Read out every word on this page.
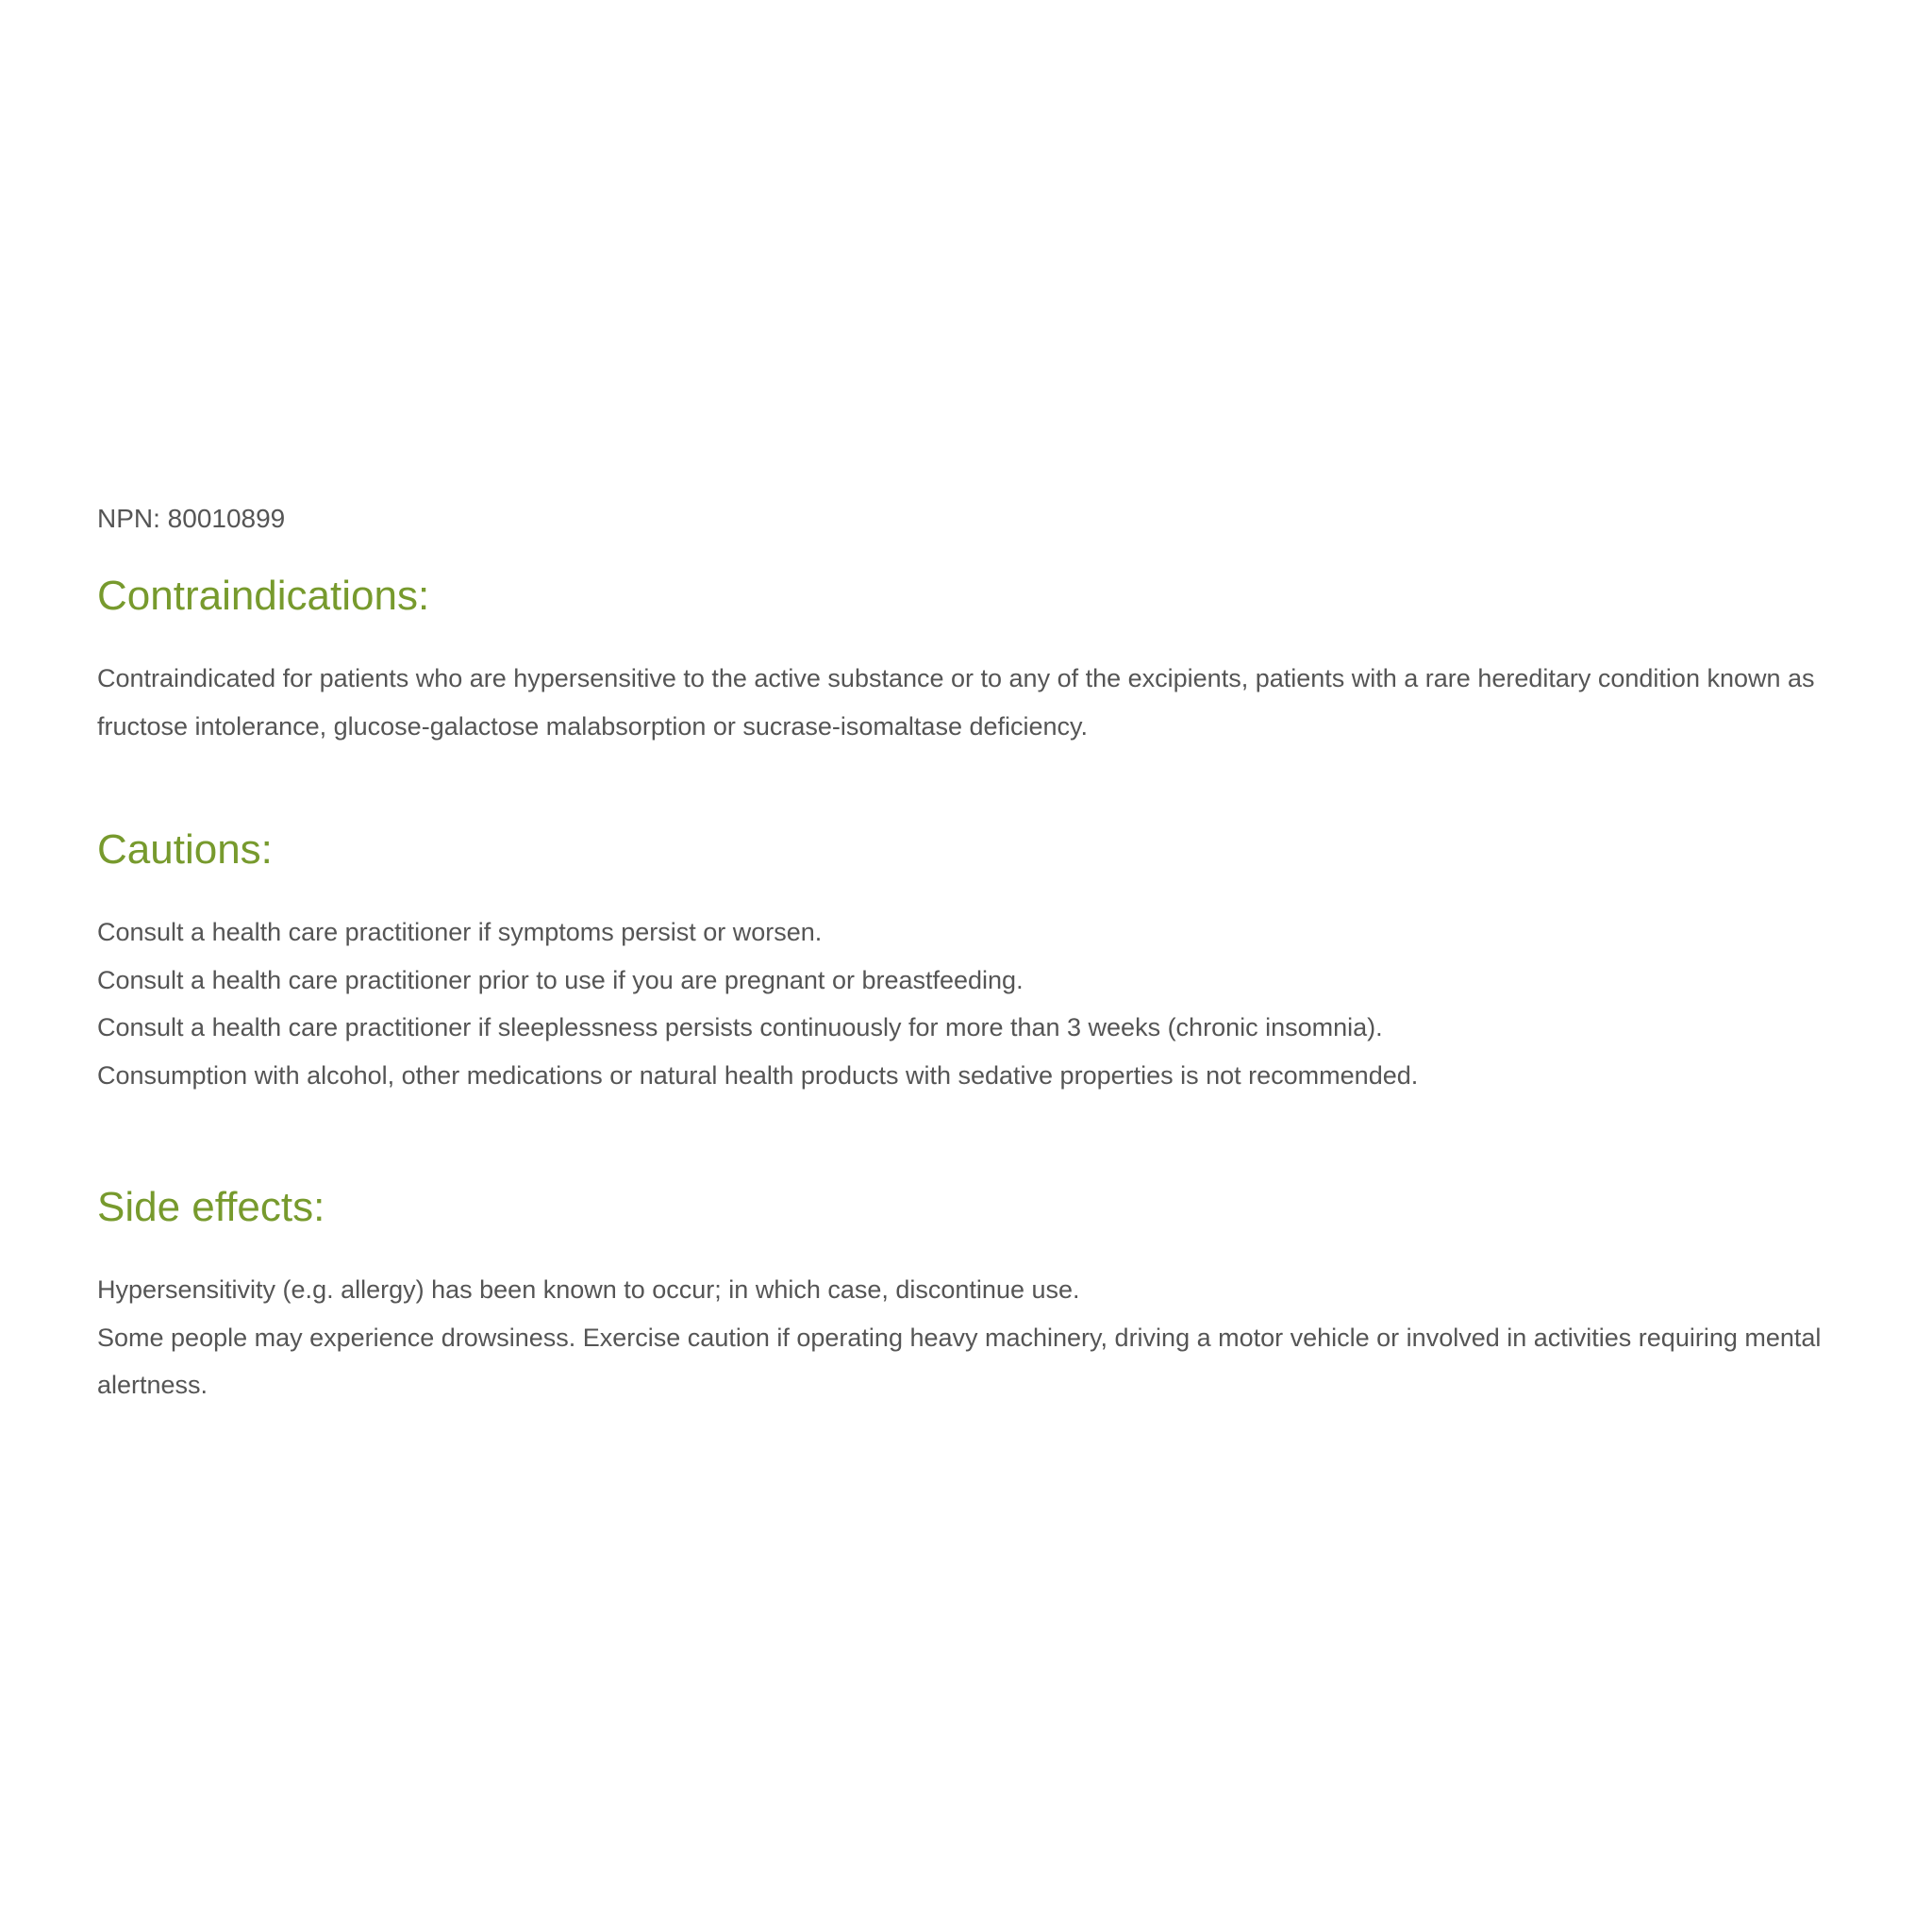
NPN: 80010899

Contraindications:
Contraindicated for patients who are hypersensitive to the active substance or to any of the excipients, patients with a rare hereditary condition known as fructose intolerance, glucose-galactose malabsorption or sucrase-isomaltase deficiency.
Cautions:
Consult a health care practitioner if symptoms persist or worsen.
Consult a health care practitioner prior to use if you are pregnant or breastfeeding.
Consult a health care practitioner if sleeplessness persists continuously for more than 3 weeks (chronic insomnia).
Consumption with alcohol, other medications or natural health products with sedative properties is not recommended.
Side effects:
Hypersensitivity (e.g. allergy) has been known to occur; in which case, discontinue use.
Some people may experience drowsiness. Exercise caution if operating heavy machinery, driving a motor vehicle or involved in activities requiring mental alertness.
